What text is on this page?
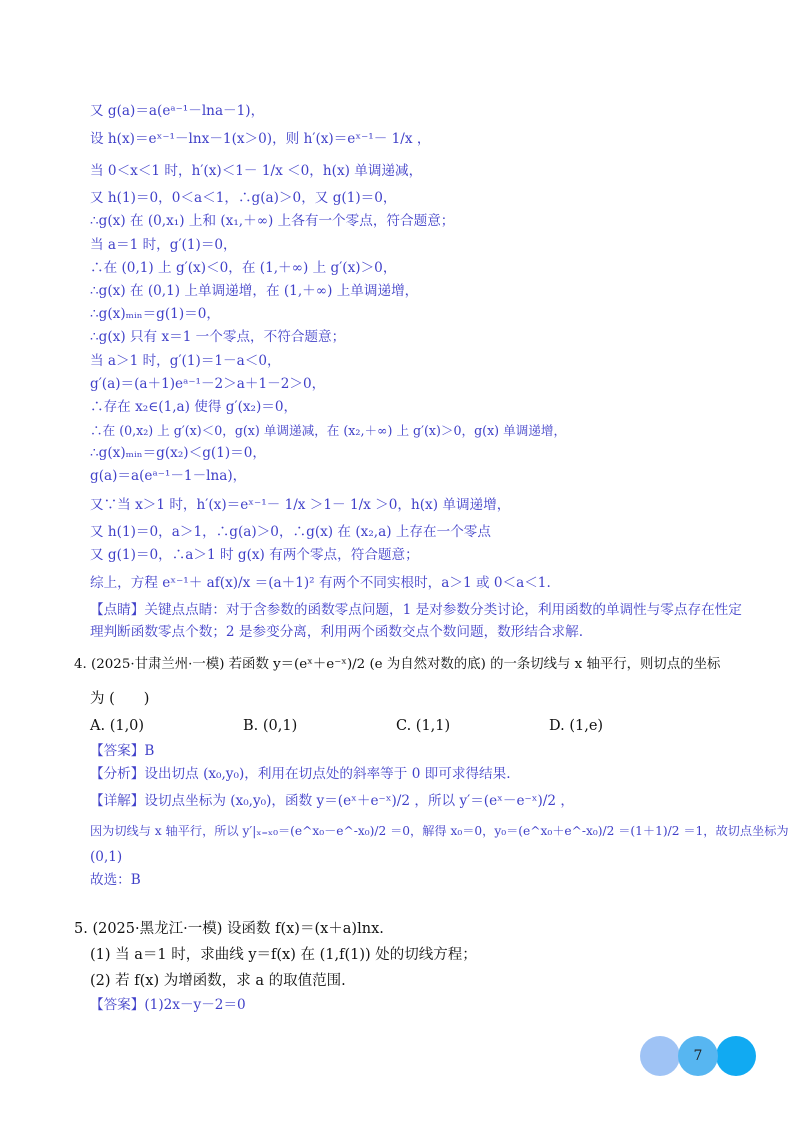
又 g(a)＝a(eᵃ⁻¹－lna－1)，
设 h(x)＝eˣ⁻¹－lnx－1(x＞0)，则 h′(x)＝eˣ⁻¹－ 1/x ，
当 0＜x＜1 时，h′(x)＜1－ 1/x ＜0，h(x) 单调递减，
又 h(1)＝0，0＜a＜1，∴g(a)＞0，又 g(1)＝0，
∴g(x) 在 (0,x₁) 上和 (x₁,＋∞) 上各有一个零点，符合题意；
当 a＝1 时，g′(1)＝0，
∴在 (0,1) 上 g′(x)＜0，在 (1,＋∞) 上 g′(x)＞0，
∴g(x) 在 (0,1) 上单调递增，在 (1,＋∞) 上单调递增，
∴g(x)ₘᵢₙ＝g(1)＝0，
∴g(x) 只有 x＝1 一个零点，不符合题意；
当 a＞1 时，g′(1)＝1－a＜0，
g′(a)＝(a＋1)eᵃ⁻¹－2＞a＋1－2＞0，
∴存在 x₂∈(1,a) 使得 g′(x₂)＝0，
∴在 (0,x₂) 上 g′(x)＜0，g(x) 单调递减，在 (x₂,＋∞) 上 g′(x)＞0，g(x) 单调递增，
∴g(x)ₘᵢₙ＝g(x₂)＜g(1)＝0，
g(a)＝a(eᵃ⁻¹－1－lna)，
又∵当 x＞1 时，h′(x)＝eˣ⁻¹－ 1/x ＞1－ 1/x ＞0，h(x) 单调递增，
又 h(1)＝0，a＞1，∴g(a)＞0，∴g(x) 在 (x₂,a) 上存在一个零点
又 g(1)＝0，∴a＞1 时 g(x) 有两个零点，符合题意；
综上，方程 eˣ⁻¹＋ af(x)/x ＝(a＋1)² 有两个不同实根时，a＞1 或 0＜a＜1.
【点睛】关键点点睛：对于含参数的函数零点问题，1 是对参数分类讨论，利用函数的单调性与零点存在性定理判断函数零点个数；2 是参变分离，利用两个函数交点个数问题，数形结合求解.
4. (2025·甘肃兰州·一模) 若函数 y＝(eˣ＋e⁻ˣ)/2 (e 为自然对数的底) 的一条切线与 x 轴平行，则切点的坐标
为 (　　)
A. (1,0)	B. (0,1)	C. (1,1)	D. (1,e)
【答案】B
【分析】设出切点 (x₀,y₀)，利用在切点处的斜率等于 0 即可求得结果.
【详解】设切点坐标为 (x₀,y₀)，函数 y＝(eˣ＋e⁻ˣ)/2 ，所以 y′＝(eˣ－e⁻ˣ)/2 ，
因为切线与 x 轴平行，所以 y′|ₓ₌ₓ₀＝(e^x₀－e^-x₀)/2 ＝0，解得 x₀＝0，y₀＝(e^x₀＋e^-x₀)/2 ＝(1＋1)/2 ＝1，故切点坐标为
(0,1)
故选：B
5. (2025·黑龙江·一模) 设函数 f(x)＝(x＋a)lnx.
(1) 当 a＝1 时，求曲线 y＝f(x) 在 (1,f(1)) 处的切线方程；
(2) 若 f(x) 为增函数，求 a 的取值范围.
【答案】(1)2x－y－2＝0
7
